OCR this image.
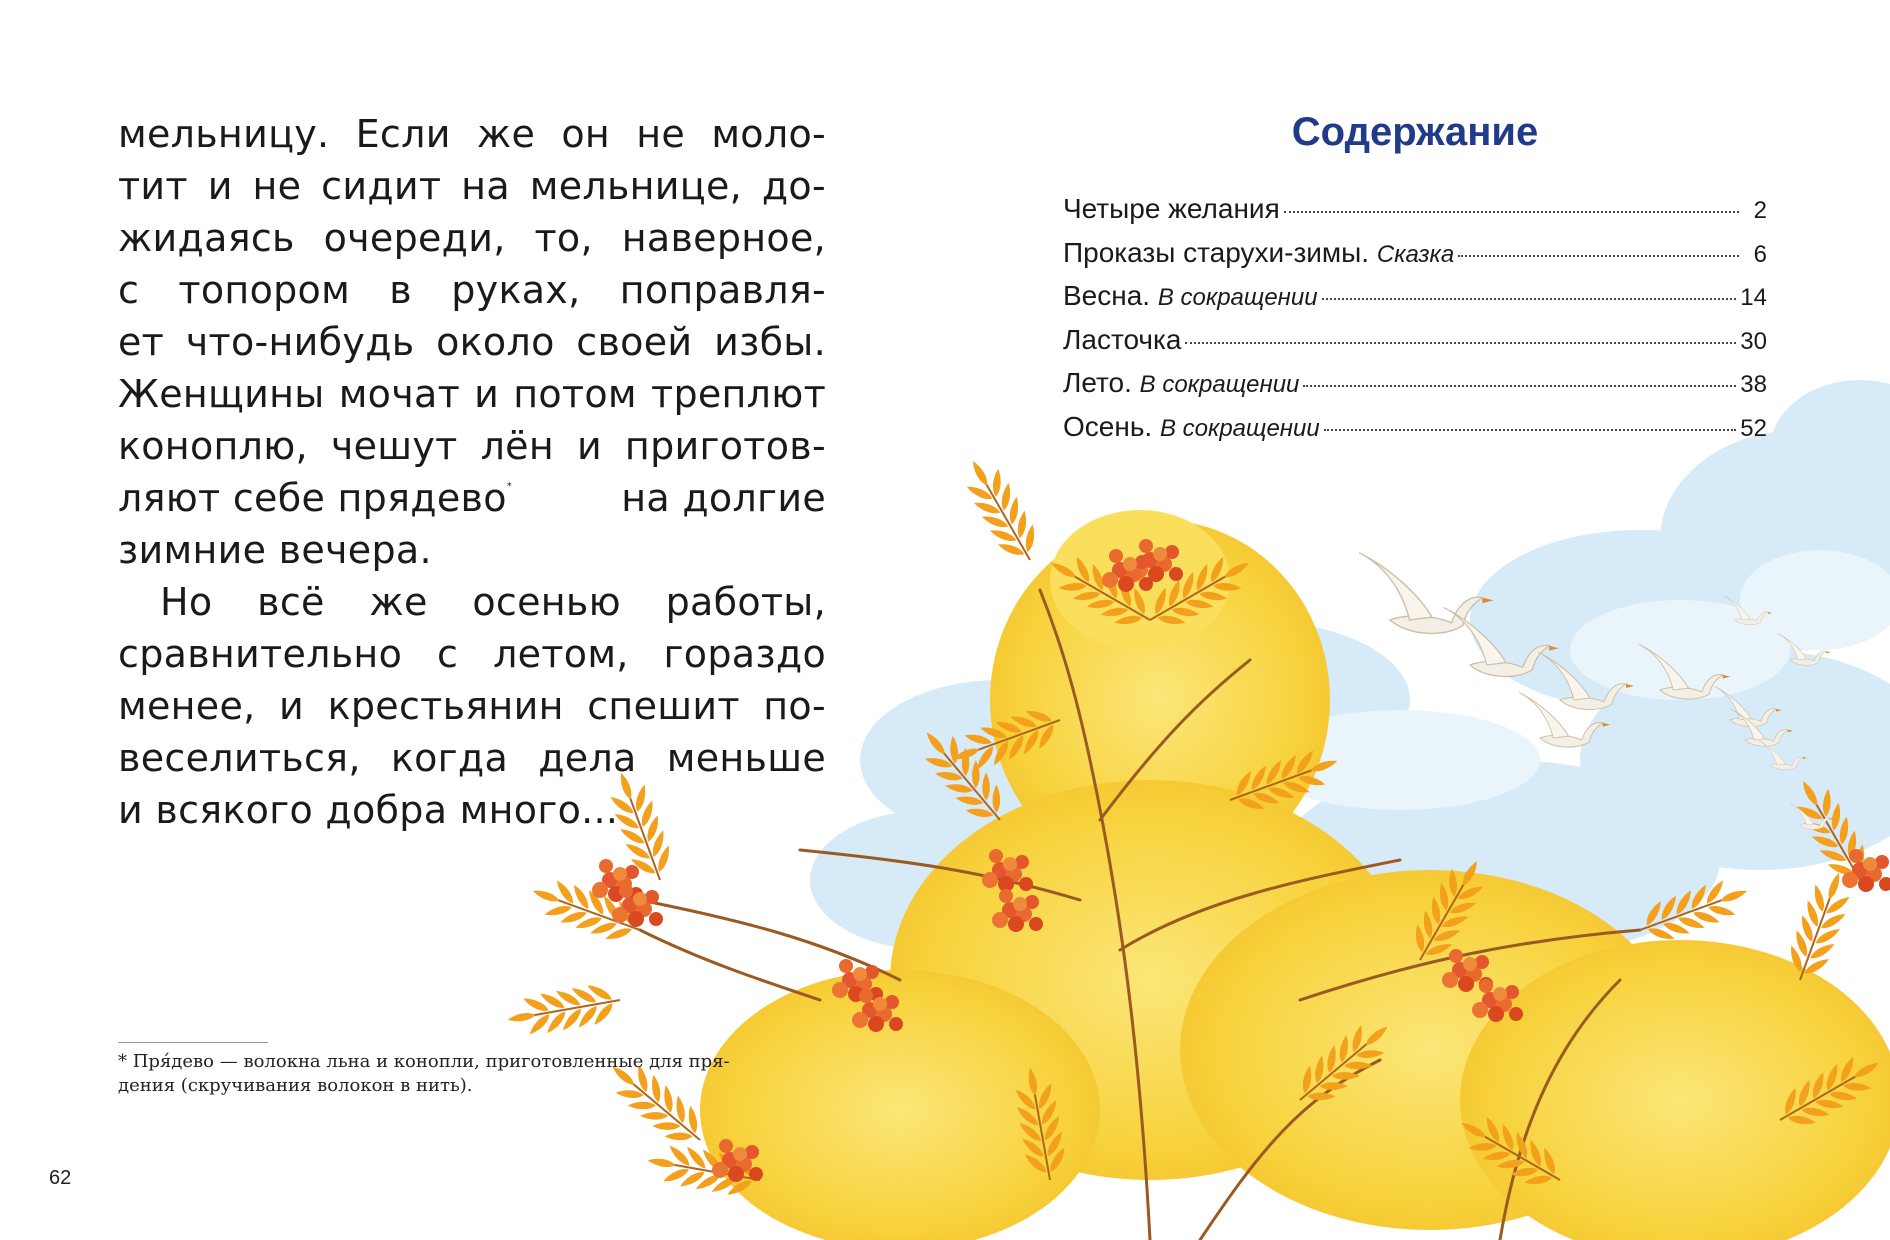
мельницу. Если же он не моло-
тит и не сидит на мельнице, до-
жидаясь очереди, то, наверное,
с топором в руках, поправля-
ет что-нибудь около своей избы.
Женщины мочат и потом треплют
коноплю, чешут лён и приготов-
ляют себе прядево*	на долгие
зимние вечера.
Но всё же осенью работы,
сравнительно с летом, гораздо
менее, и крестьянин спешит по-
веселиться, когда дела меньше
и всякого добра много...
* Пря́дево — волокна льна и конопли, приготовленные для пря-
дения (скручивания волокон в нить).
62
Содержание
Четыре желания	2
Проказы старухи-зимы. Сказка	6
Весна. В сокращении	14
Ласточка	30
Лето. В сокращении	38
Осень. В сокращении	52
